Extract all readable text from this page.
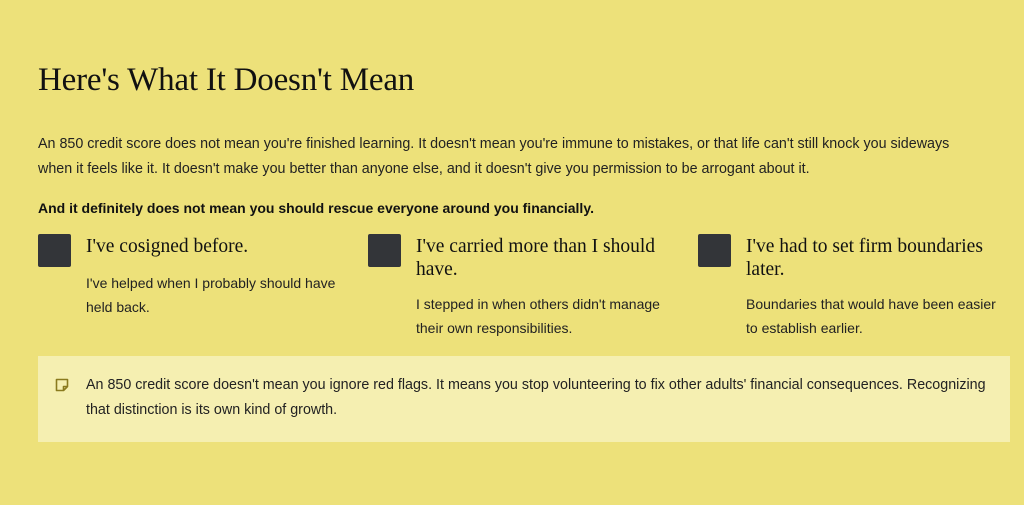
Here's What It Doesn't Mean

An 850 credit score does not mean you're finished learning. It doesn't mean you're immune to mistakes, or that life can't still knock you sideways when it feels like it. It doesn't make you better than anyone else, and it doesn't give you permission to be arrogant about it.

And it definitely does not mean you should rescue everyone around you financially.

I've cosigned before.

I've helped when I probably should have held back.

I've carried more than I should have.

I stepped in when others didn't manage their own responsibilities.

I've had to set firm boundaries later.

Boundaries that would have been easier to establish earlier.

An 850 credit score doesn't mean you ignore red flags. It means you stop volunteering to fix other adults' financial consequences. Recognizing that distinction is its own kind of growth.
